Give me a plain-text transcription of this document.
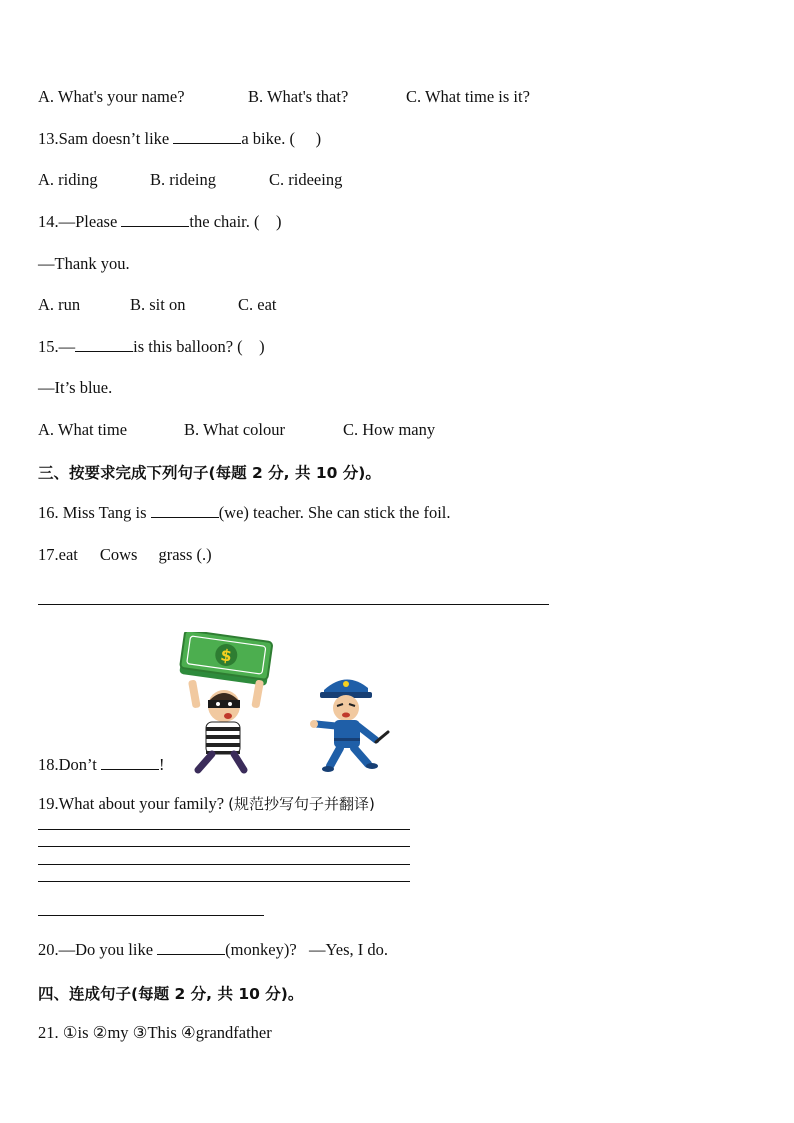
A. What's your name?	B. What's that?	C. What time is it?
13.Sam doesn’t like	a bike. (     )
A. riding	B. rideing	C. rideeing
14.—Please	the chair. (    )
—Thank you.
A. run	B. sit on	C. eat
15.—	is this balloon? (    )
—It’s blue.
A. What time	B. What colour	C. How many
三、按要求完成下列句子(每题 2 分, 共 10 分)。
16. Miss Tang is	(we) teacher. She can stick the foil.
17.eat Cows grass (.)
$
18.Don’t	!
19.What about your family? (规范抄写句子并翻译)
20.—Do you like	(monkey)?   —Yes, I do.
四、连成句子(每题 2 分, 共 10 分)。
21. ①is ②my ③This ④grandfather
